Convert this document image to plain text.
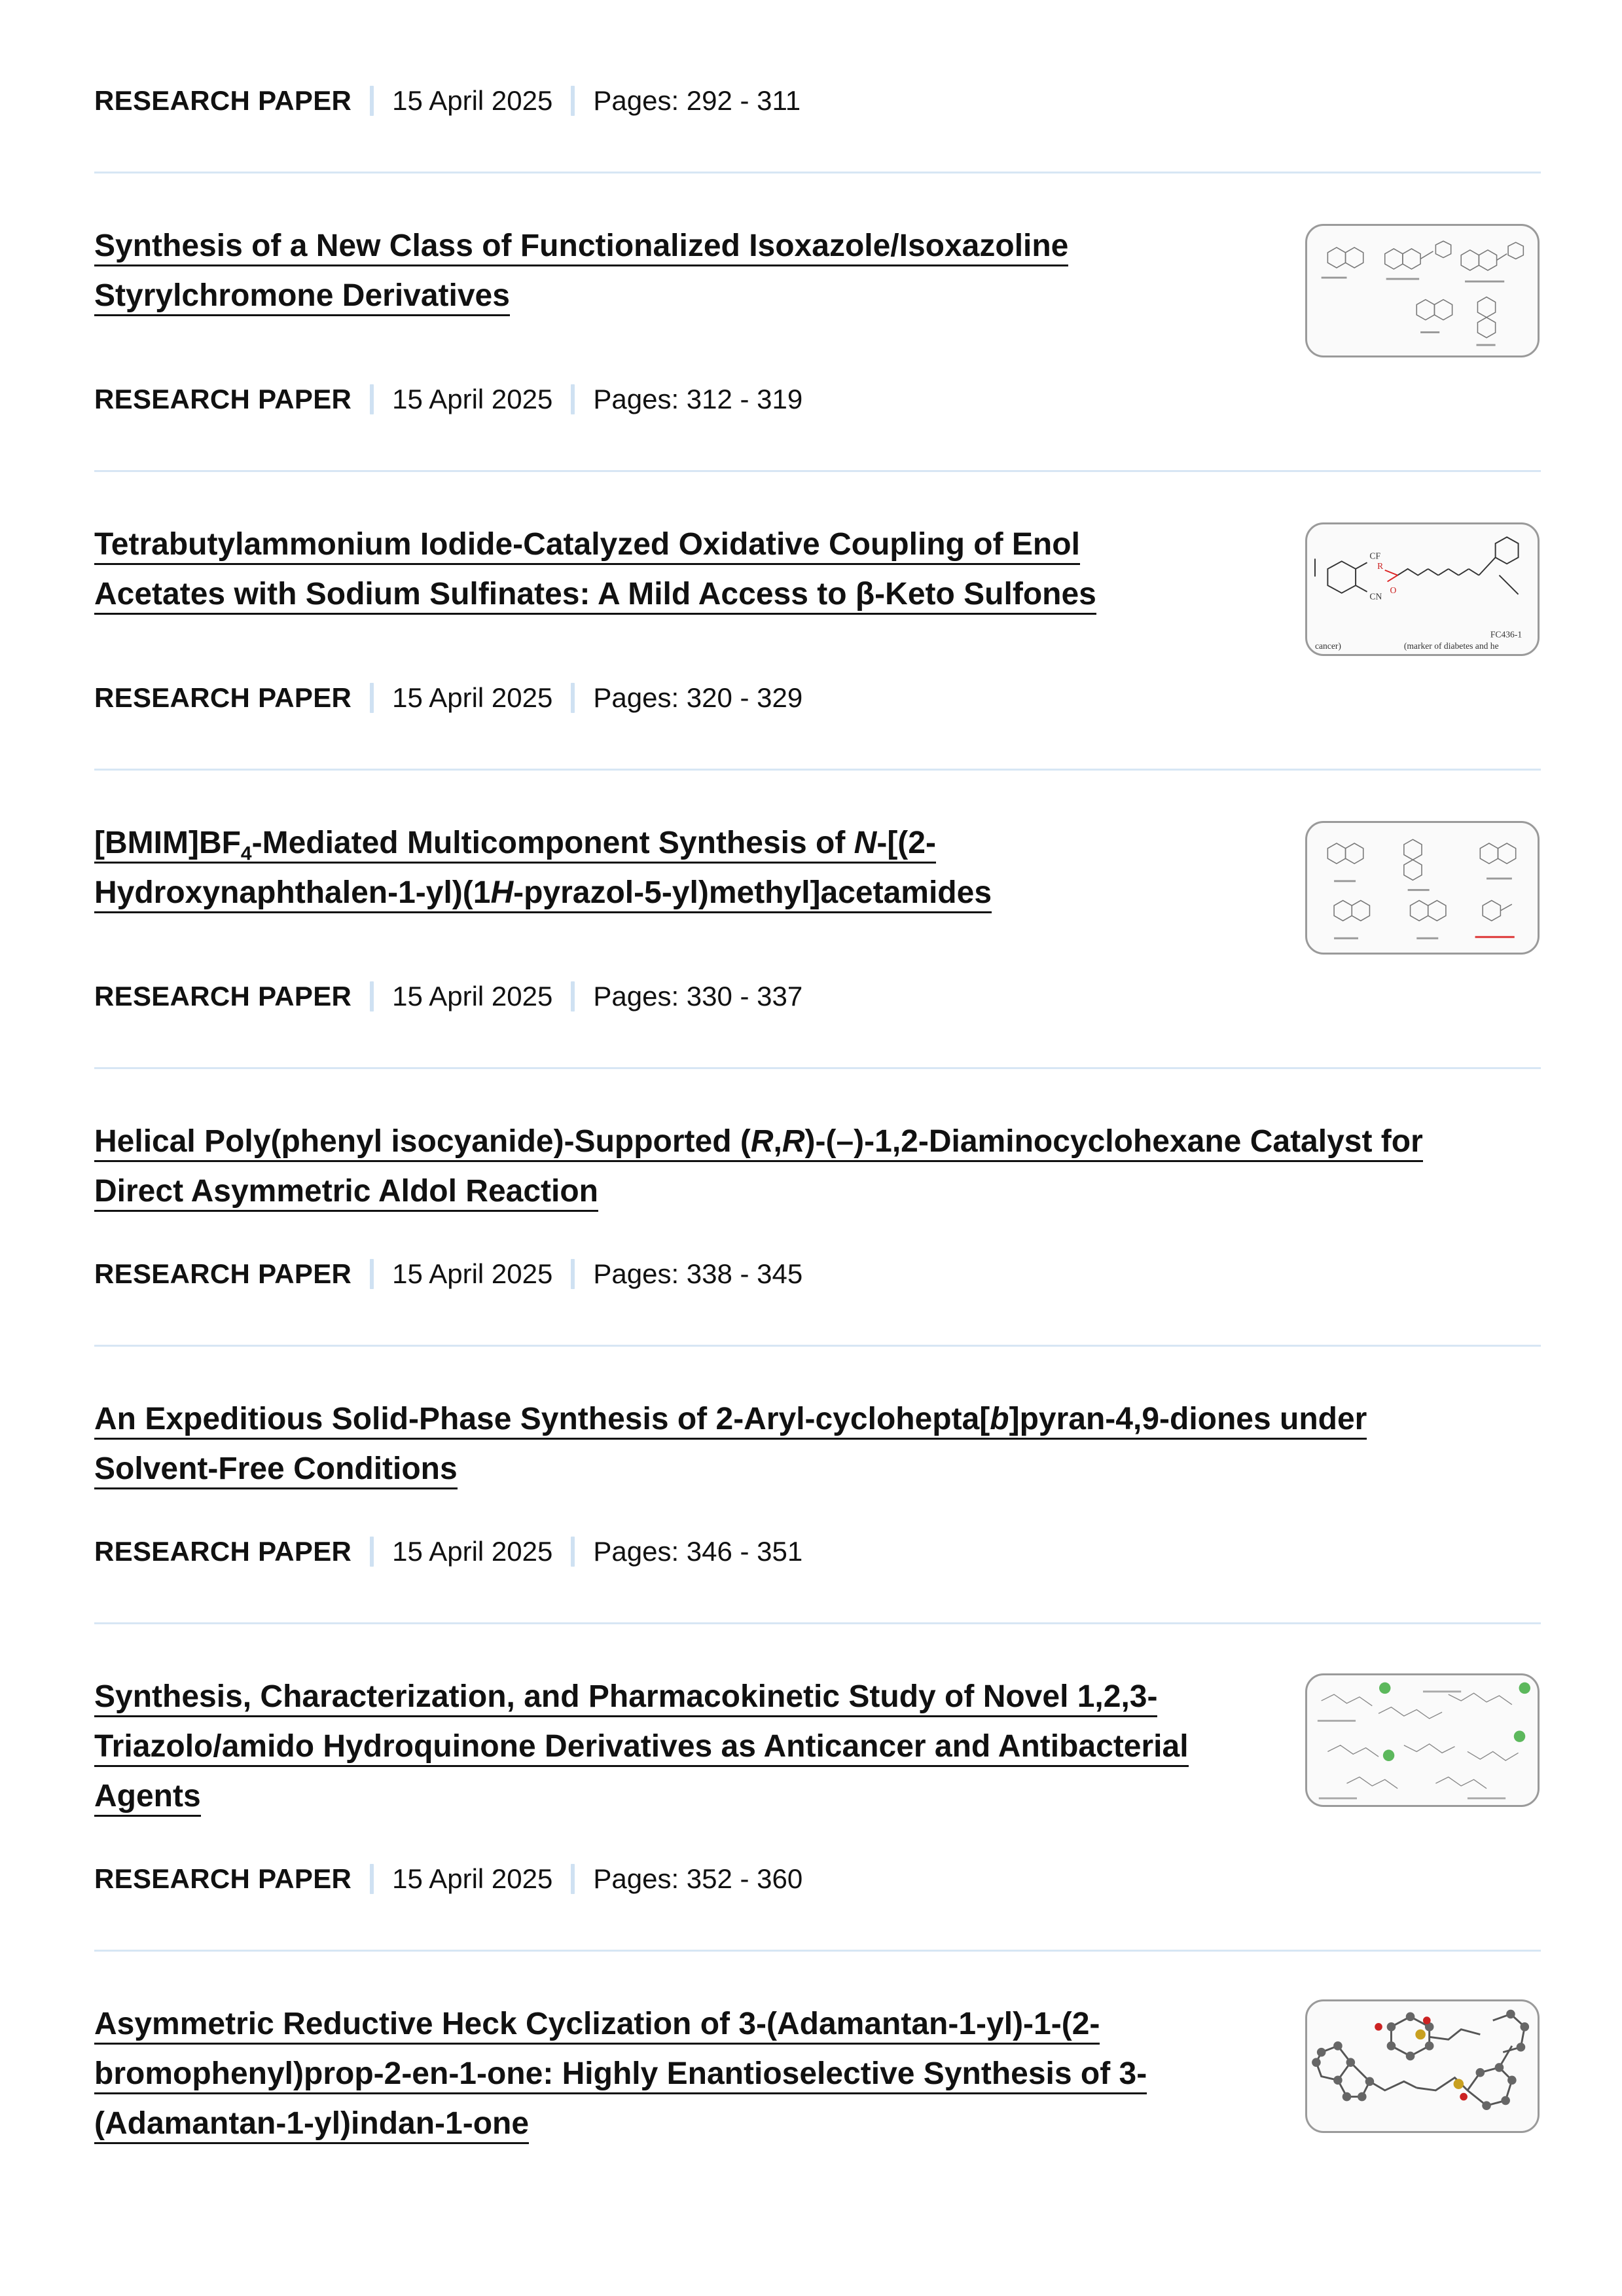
RESEARCH PAPER 15 April 2025 Pages: 292 - 311
Synthesis of a New Class of Functionalized Isoxazole/Isoxazoline
Styrylchromone Derivatives
RESEARCH PAPER 15 April 2025 Pages: 312 - 319
Tetrabutylammonium Iodide-Catalyzed Oxidative Coupling of Enol
Acetates with Sodium Sulfinates: A Mild Access to β-Keto Sulfones
CF
CN
FC436-1
cancer)	(marker of diabetes and he
R
O
RESEARCH PAPER 15 April 2025 Pages: 320 - 329
$[BMIM]BF_4$-Mediated Multicomponent Synthesis of N-[(2-
Hydroxynaphthalen-1-yl)(1H-pyrazol-5-yl)methyl]acetamides
RESEARCH PAPER 15 April 2025 Pages: 330 - 337
Helical Poly(phenyl isocyanide)-Supported (R,R)-(–)-1,2-Diaminocyclohexane Catalyst for
Direct Asymmetric Aldol Reaction
RESEARCH PAPER 15 April 2025 Pages: 338 - 345
An Expeditious Solid-Phase Synthesis of 2-Aryl-cyclohepta[b]pyran-4,9-diones under
Solvent-Free Conditions
RESEARCH PAPER 15 April 2025 Pages: 346 - 351
Synthesis, Characterization, and Pharmacokinetic Study of Novel 1,2,3-
Triazolo/amido Hydroquinone Derivatives as Anticancer and Antibacterial
Agents
RESEARCH PAPER 15 April 2025 Pages: 352 - 360
Asymmetric Reductive Heck Cyclization of 3-(Adamantan-1-yl)-1-(2-
bromophenyl)prop-2-en-1-one: Highly Enantioselective Synthesis of 3-
(Adamantan-1-yl)indan-1-one
